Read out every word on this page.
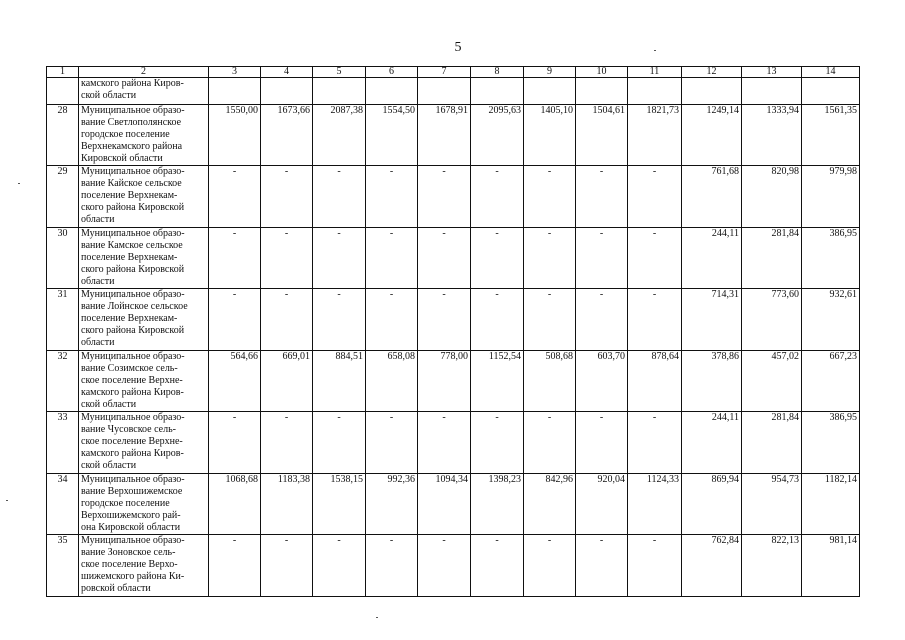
5
1	2	3	4	5	6	7	8	9	10	11	12	13	14
	камского района Киров-
ской области												
28	Муниципальное образо-
вание Светлополянское
городское поселение
Верхнекамского района
Кировской области	1550,00	1673,66	2087,38	1554,50	1678,91	2095,63	1405,10	1504,61	1821,73	1249,14	1333,94	1561,35
29	Муниципальное образо-
вание Кайское сельское
поселение Верхнекам-
ского района Кировской
области	-	-	-	-	-	-	-	-	-	761,68	820,98	979,98
30	Муниципальное образо-
вание Камское сельское
поселение Верхнекам-
ского района Кировской
области	-	-	-	-	-	-	-	-	-	244,11	281,84	386,95
31	Муниципальное образо-
вание Лойнское сельское
поселение Верхнекам-
ского района Кировской
области	-	-	-	-	-	-	-	-	-	714,31	773,60	932,61
32	Муниципальное образо-
вание Созимское сель-
ское поселение Верхне-
камского района Киров-
ской области	564,66	669,01	884,51	658,08	778,00	1152,54	508,68	603,70	878,64	378,86	457,02	667,23
33	Муниципальное образо-
вание Чусовское сель-
ское поселение Верхне-
камского района Киров-
ской области	-	-	-	-	-	-	-	-	-	244,11	281,84	386,95
34	Муниципальное образо-
вание Верхошижемское
городское поселение
Верхошижемского рай-
она Кировской области	1068,68	1183,38	1538,15	992,36	1094,34	1398,23	842,96	920,04	1124,33	869,94	954,73	1182,14
35	Муниципальное образо-
вание Зоновское сель-
ское поселение Верхо-
шижемского района Ки-
ровской области	-	-	-	-	-	-	-	-	-	762,84	822,13	981,14
